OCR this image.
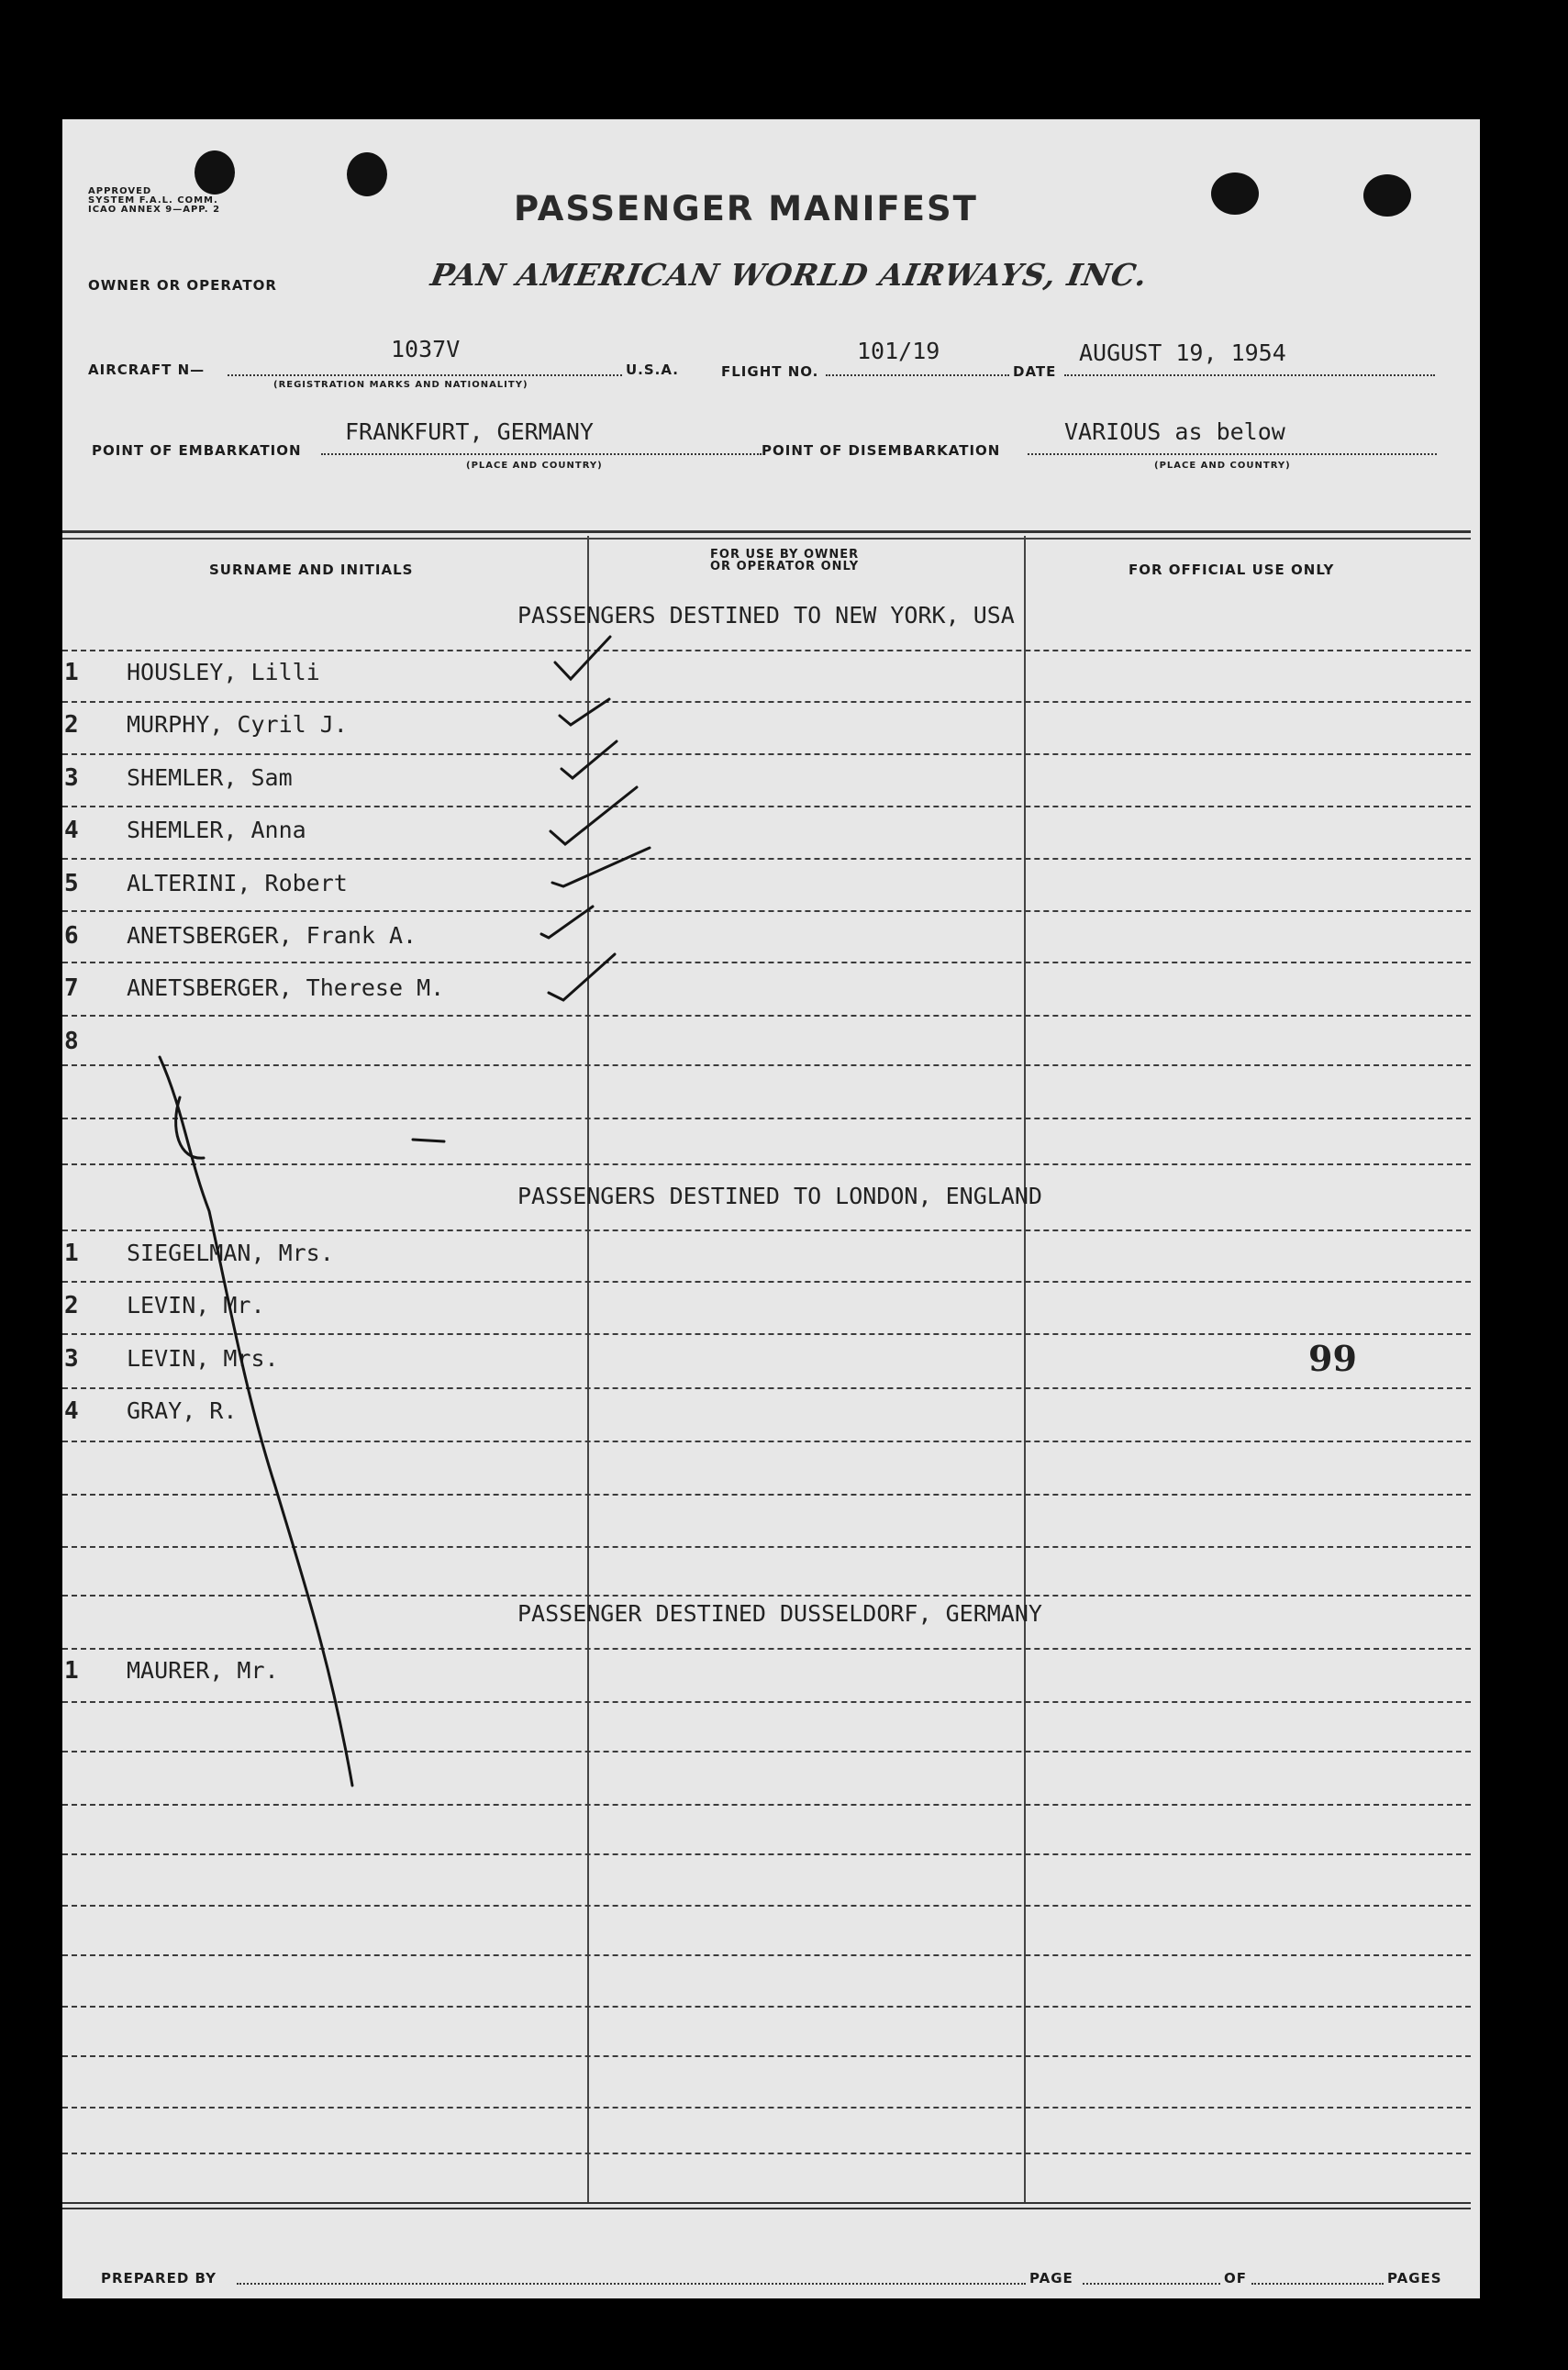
APPROVED
SYSTEM F.A.L. COMM.
ICAO ANNEX 9—APP. 2	PASSENGER MANIFEST
OWNER OR OPERATOR	PAN AMERICAN WORLD AIRWAYS, INC.
AIRCRAFT N—
1037V
(REGISTRATION MARKS AND NATIONALITY)
U.S.A.	FLIGHT NO.
101/19
DATE
AUGUST 19, 1954
POINT OF EMBARKATION
FRANKFURT, GERMANY
(PLACE AND COUNTRY)
POINT OF DISEMBARKATION
VARIOUS as below
(PLACE AND COUNTRY)
SURNAME AND INITIALS
FOR USE BY OWNER
OR OPERATOR ONLY	FOR OFFICIAL USE ONLY
PASSENGERS DESTINED TO NEW YORK, USA
1 HOUSLEY, Lilli
2 MURPHY, Cyril J.
3 SHEMLER, Sam
4 SHEMLER, Anna
5 ALTERINI, Robert
6 ANETSBERGER, Frank A.
7 ANETSBERGER, Therese M.
8
PASSENGERS DESTINED TO LONDON, ENGLAND
1 SIEGELMAN, Mrs.
2 LEVIN, Mr.
3 LEVIN, Mrs.
4 GRAY, R.
PASSENGER DESTINED DUSSELDORF, GERMANY
1 MAURER, Mr.
99
PREPARED BY	PAGE	OF	PAGES
